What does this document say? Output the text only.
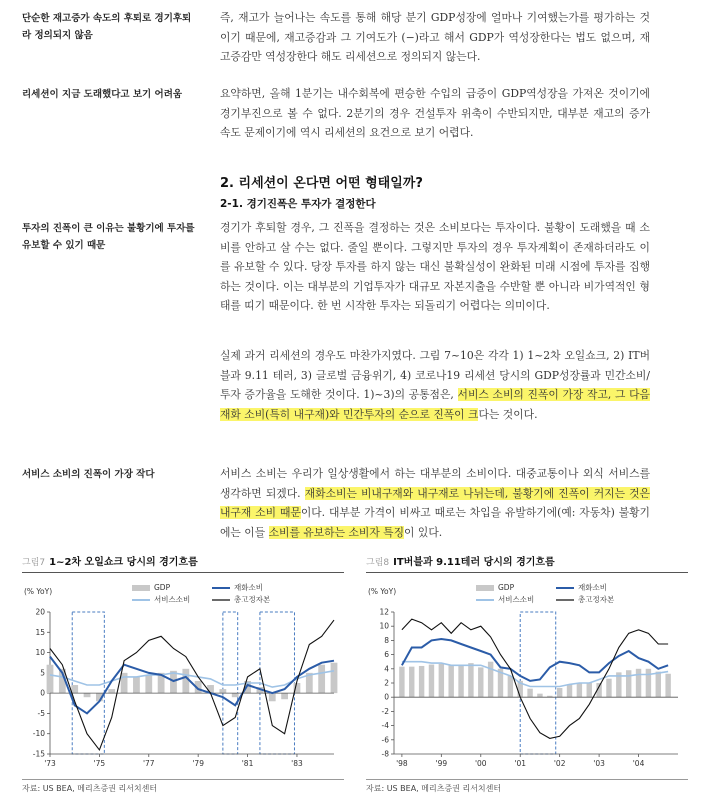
단순한 재고증가 속도의 후퇴로 경기후퇴라 정의되지 않음
즉, 재고가 늘어나는 속도를 통해 해당 분기 GDP성장에 얼마나 기여했는가를 평가하는 것이기 때문에, 재고증감과 그 기여도가 (−)라고 해서 GDP가 역성장한다는 법도 없으며, 재고증감만 역성장한다 해도 리세션으로 정의되지 않는다.
리세션이 지금 도래했다고 보기 어려움	요약하면, 올해 1분기는 내수회복에 편승한 수입의 급증이 GDP역성장을 가져온 것이기에 경기부진으로 볼 수 없다. 2분기의 경우 건설투자 위축이 수반되지만, 대부분 재고의 증가 속도 문제이기에 역시 리세션의 요건으로 보기 어렵다.
2. 리세션이 온다면 어떤 형태일까?
2-1. 경기진폭은 투자가 결정한다
투자의 진폭이 큰 이유는 불황기에 투자를 유보할 수 있기 때문
경기가 후퇴할 경우, 그 진폭을 결정하는 것은 소비보다는 투자이다. 불황이 도래했을 때 소비를 안하고 살 수는 없다. 줄일 뿐이다. 그렇지만 투자의 경우 투자계획이 존재하더라도 이를 유보할 수 있다. 당장 투자를 하지 않는 대신 불확실성이 완화된 미래 시점에 투자를 집행하는 것이다. 이는 대부분의 기업투자가 대규모 자본지출을 수반할 뿐 아니라 비가역적인 형태를 띠기 때문이다. 한 번 시작한 투자는 되돌리기 어렵다는 의미이다.
실제 과거 리세션의 경우도 마찬가지였다. 그림 7~10은 각각 1) 1~2차 오일쇼크, 2) IT버블과 9.11 테러, 3) 글로벌 금융위기, 4) 코로나19 리세션 당시의 GDP성장률과 민간소비/투자 증가율을 도해한 것이다. 1)~3)의 공통점은, 서비스 소비의 진폭이 가장 작고, 그 다음 재화 소비(특히 내구재)와 민간투자의 순으로 진폭이 크다는 것이다.
서비스 소비의 진폭이 가장 작다	서비스 소비는 우리가 일상생활에서 하는 대부분의 소비이다. 대중교통이나 외식 서비스를 생각하면 되겠다. 재화소비는 비내구재와 내구재로 나뉘는데, 불황기에 진폭이 커지는 것은 내구재 소비 때문이다. 대부분 가격이 비싸고 때로는 차입을 유발하기에(예: 자동차) 불황기에는 이들 소비를 유보하는 소비자 특징이 있다.
그림7 1~2차 오일쇼크 당시의 경기흐름	그림8 IT버블과 9.11테러 당시의 경기흐름
(% YoY)	GDP
서비스소비
재화소비
총고정자본
-15
-10
-5
0
5
10
15
20
'73	'75	'77	'79	'81	'83
(% YoY)	GDP
서비스소비
재화소비
총고정자본
-8
-6
-4
-2
0
2
4
6
8
10
12
'98	'99	'00	'01	'02	'03	'04
자료: US BEA, 메리츠증권 리서치센터	자료: US BEA, 메리츠증권 리서치센터
